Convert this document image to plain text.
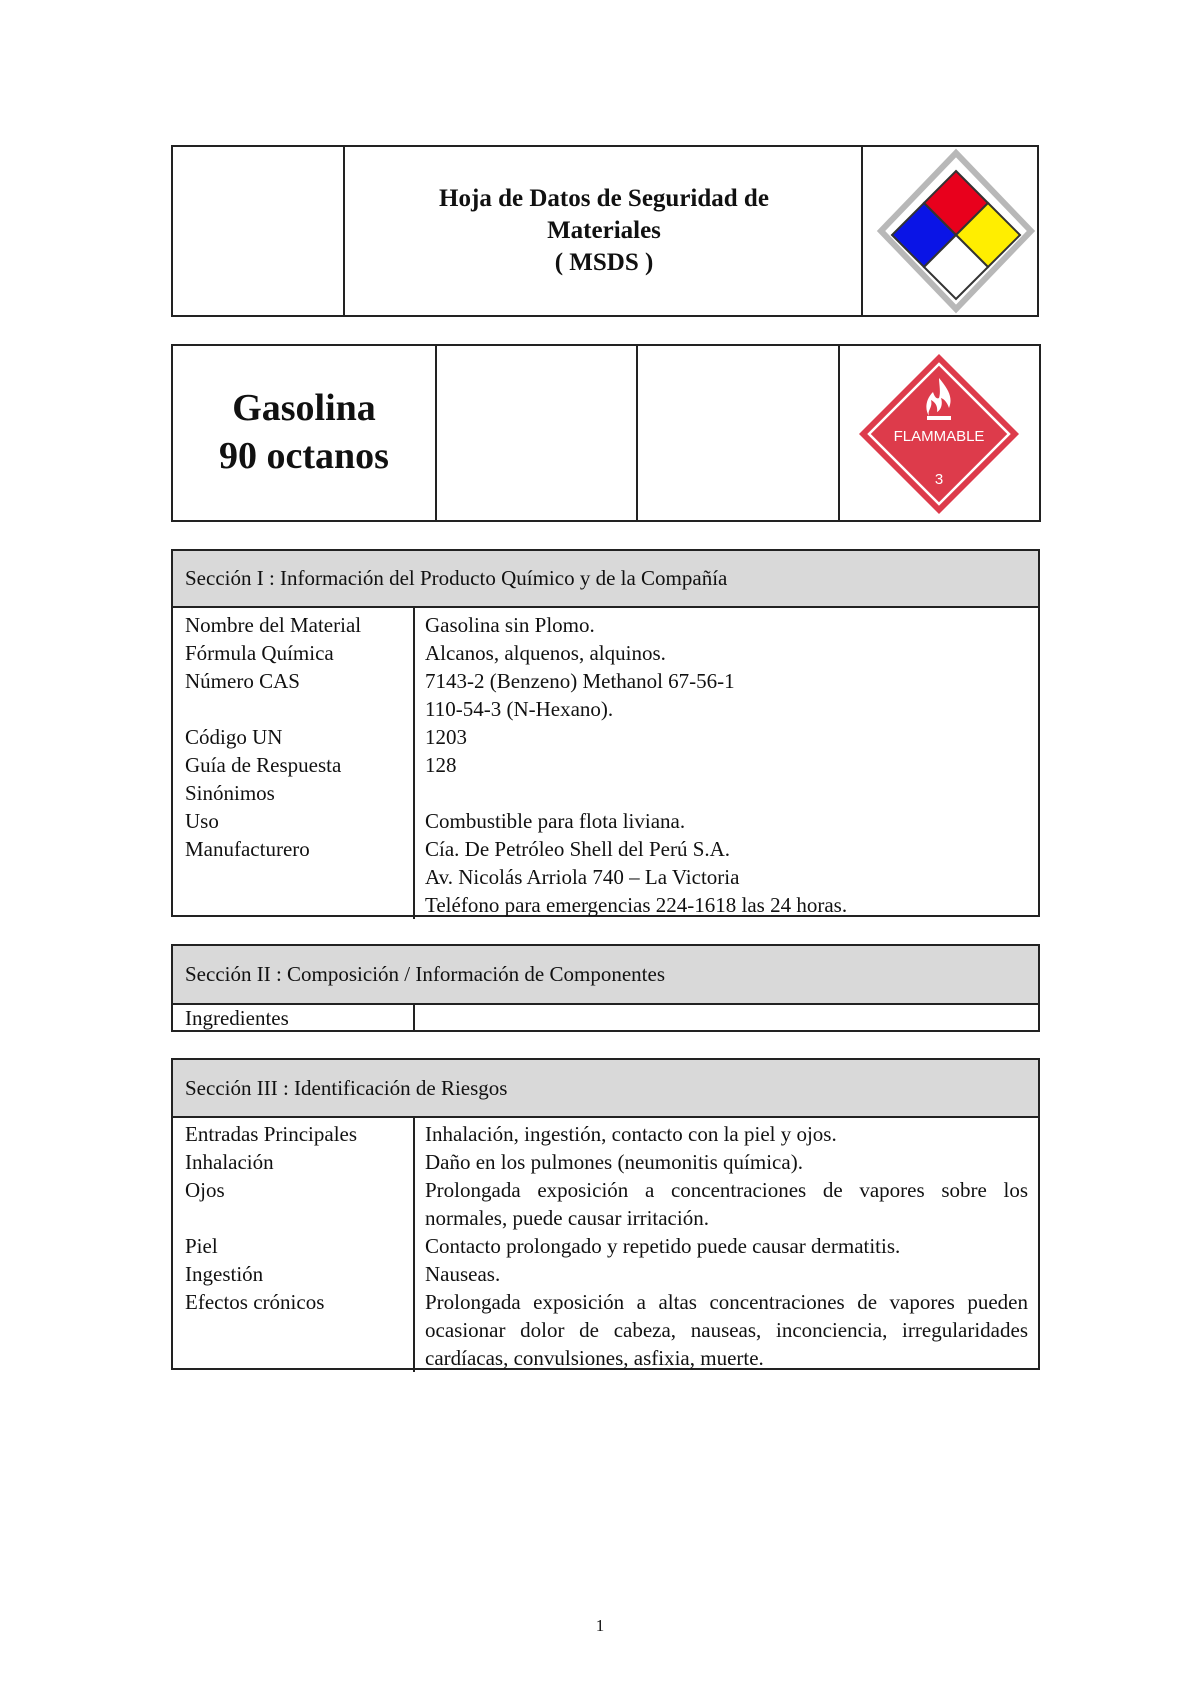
Hoja de Datos de Seguridad de
Materiales
( MSDS )
Gasolina
90 octanos	FLAMMABLE
3
Sección I : Información del Producto Químico y de la Compañía
Nombre del Material	Gasolina sin Plomo.
Fórmula Química	Alcanos, alquenos, alquinos.
Número CAS	7143-2 (Benzeno) Methanol 67-56-1
110-54-3 (N-Hexano).
Código UN	1203
Guía de Respuesta	128
Sinónimos
Uso	Combustible para flota liviana.
Manufacturero	Cía. De Petróleo Shell del Perú S.A.
Av. Nicolás Arriola 740 – La Victoria
Teléfono para emergencias 224-1618 las 24 horas.
Sección II : Composición / Información de Componentes
Ingredientes
Sección III : Identificación de Riesgos
Entradas Principales	Inhalación, ingestión, contacto con la piel y ojos.
Inhalación	Daño en los pulmones (neumonitis química).
Ojos	Prolongada exposición a concentraciones de vapores sobre los normales, puede causar irritación.
Piel	Contacto prolongado y repetido puede causar dermatitis.
Ingestión	Nauseas.
Efectos crónicos	Prolongada exposición a altas concentraciones de vapores pueden ocasionar dolor de cabeza, nauseas, inconciencia, irregularidades cardíacas, convulsiones, asfixia, muerte.
1
